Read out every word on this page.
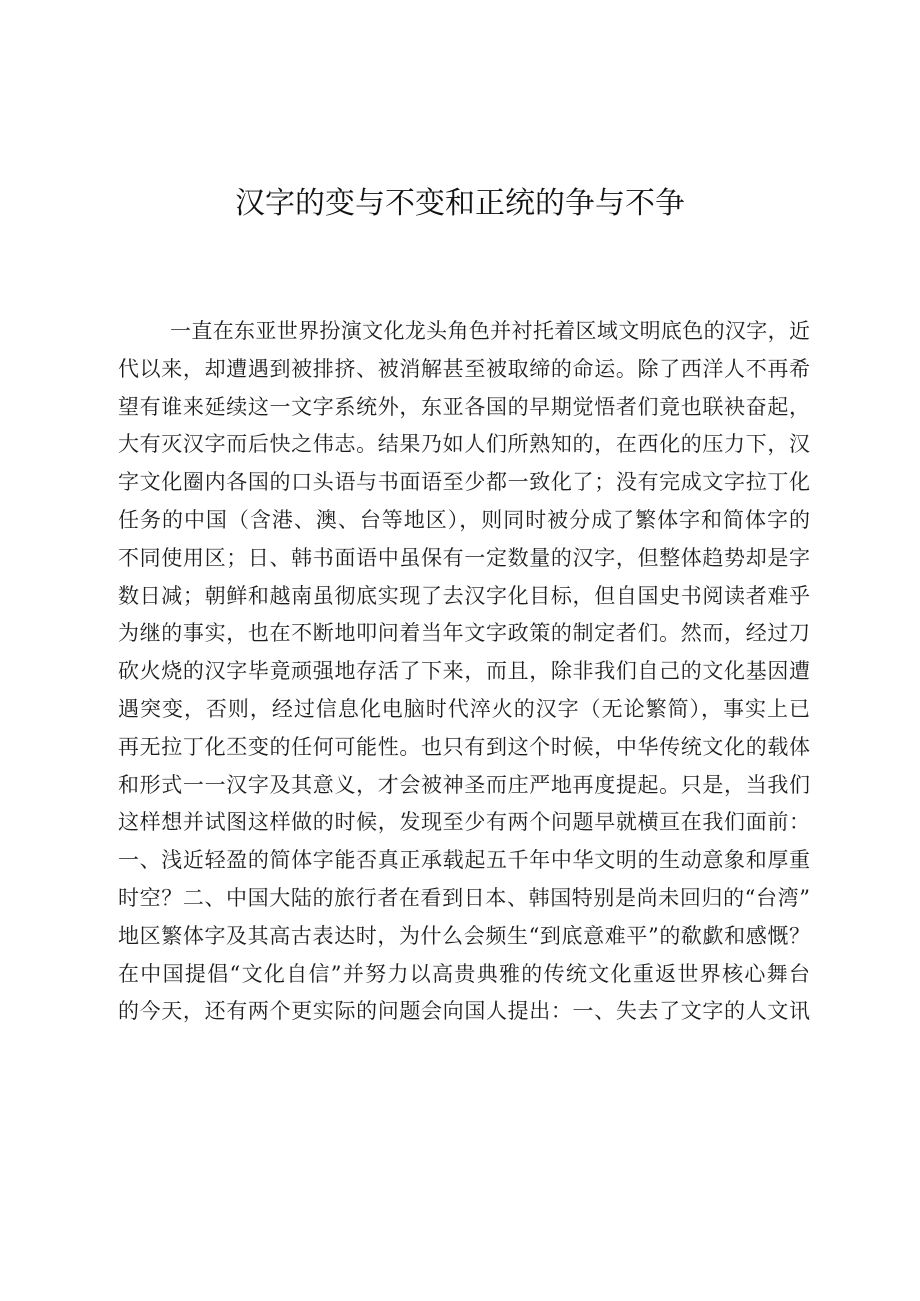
汉字的变与不变和正统的争与不争
一直在东亚世界扮演文化龙头角色并衬托着区域文明底色的汉字，近
代以来，却遭遇到被排挤、被消解甚至被取缔的命运。除了西洋人不再希
望有谁来延续这一文字系统外，东亚各国的早期觉悟者们竟也联袂奋起，
大有灭汉字而后快之伟志。结果乃如人们所熟知的，在西化的压力下，汉
字文化圈内各国的口头语与书面语至少都一致化了；没有完成文字拉丁化
任务的中国（含港、澳、台等地区），则同时被分成了繁体字和简体字的
不同使用区；日、韩书面语中虽保有一定数量的汉字，但整体趋势却是字
数日减；朝鲜和越南虽彻底实现了去汉字化目标，但自国史书阅读者难乎
为继的事实，也在不断地叩问着当年文字政策的制定者们。然而，经过刀
砍火烧的汉字毕竟顽强地存活了下来，而且，除非我们自己的文化基因遭
遇突变，否则，经过信息化电脑时代淬火的汉字（无论繁简），事实上已
再无拉丁化丕变的任何可能性。也只有到这个时候，中华传统文化的载体
和形式一一汉字及其意义，才会被神圣而庄严地再度提起。只是，当我们
这样想并试图这样做的时候，发现至少有两个问题早就横亘在我们面前：
一、浅近轻盈的简体字能否真正承载起五千年中华文明的生动意象和厚重
时空？二、中国大陆的旅行者在看到日本、韩国特别是尚未回归的“台湾”
地区繁体字及其高古表达时，为什么会频生“到底意难平”的欷歔和感慨？
在中国提倡“文化自信”并努力以高贵典雅的传统文化重返世界核心舞台
的今天，还有两个更实际的问题会向国人提出：一、失去了文字的人文讯
